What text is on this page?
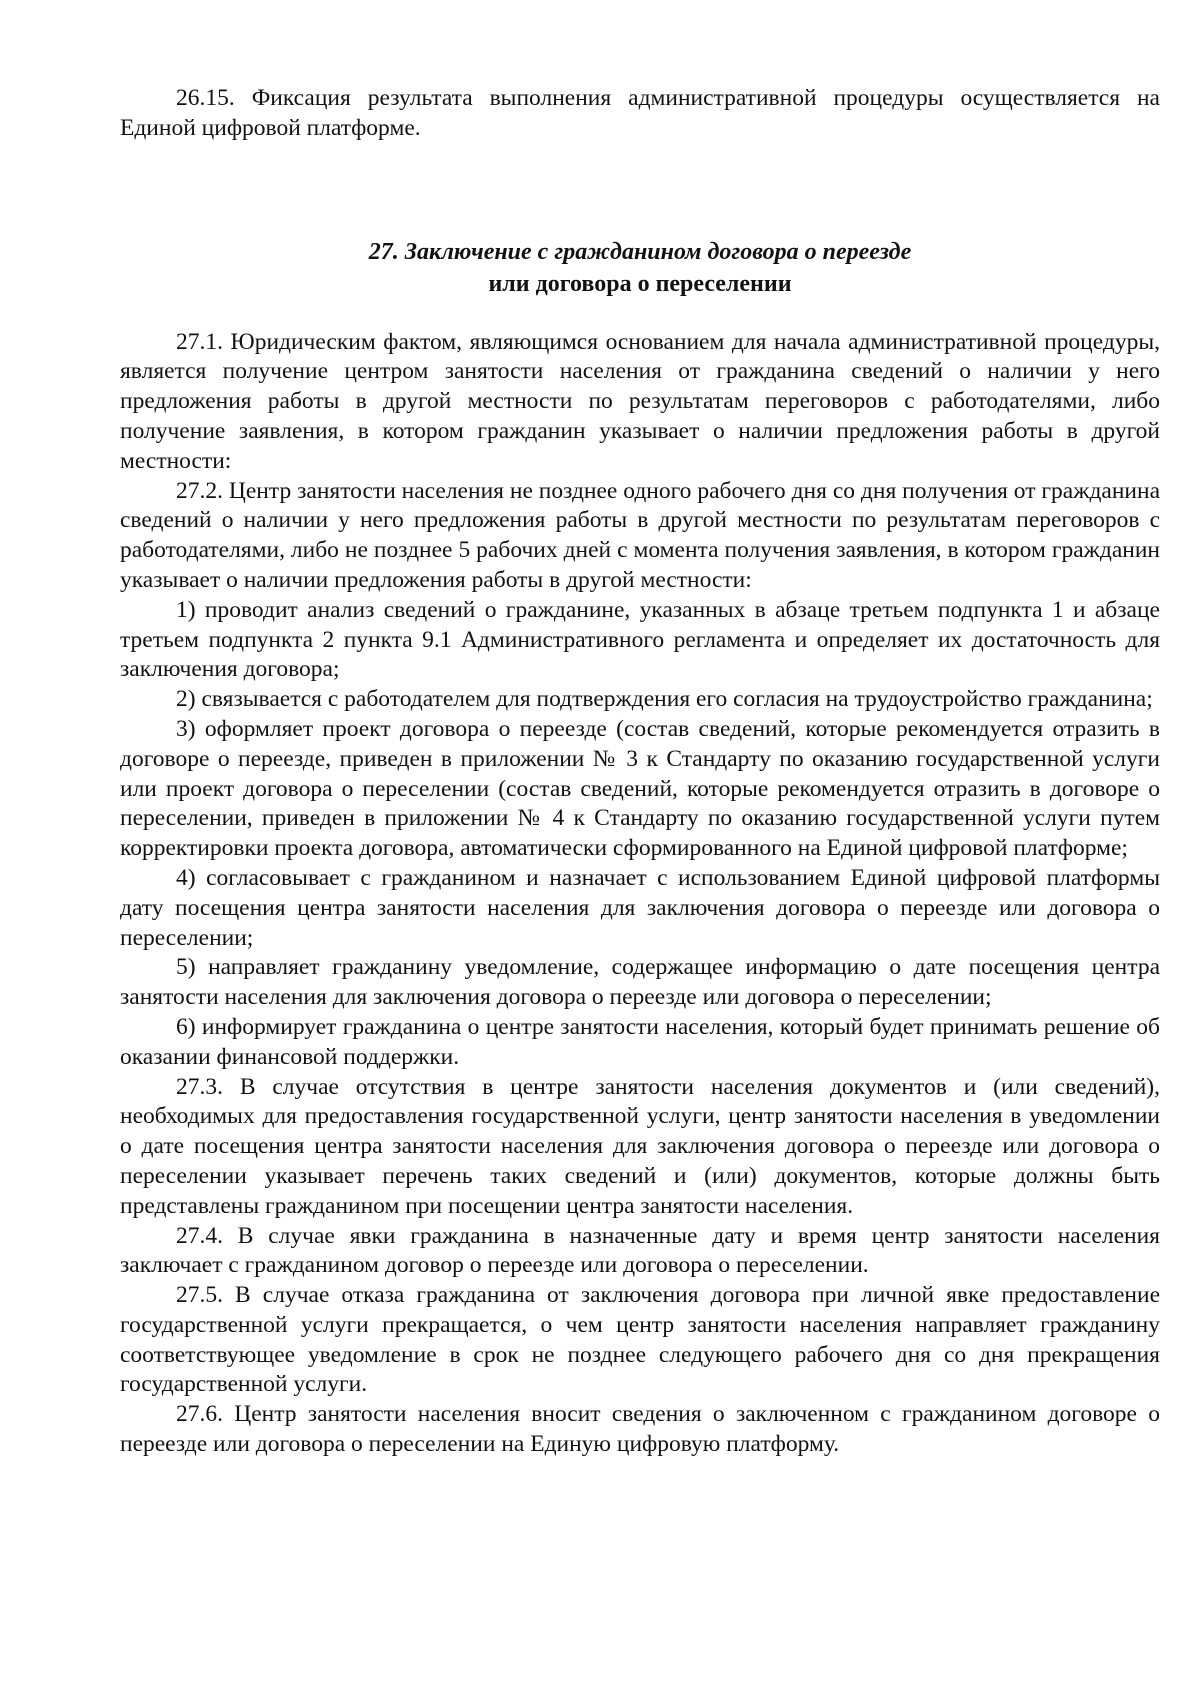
26.15. Фиксация результата выполнения административной процедуры осуществляется на Единой цифровой платформе.

27. Заключение с гражданином договора о переезде
или договора о переселении

27.1. Юридическим фактом, являющимся основанием для начала административной процедуры, является получение центром занятости населения от гражданина сведений о наличии у него предложения работы в другой местности по результатам переговоров с работодателями, либо получение заявления, в котором гражданин указывает о наличии предложения работы в другой местности:

27.2. Центр занятости населения не позднее одного рабочего дня со дня получения от гражданина сведений о наличии у него предложения работы в другой местности по результатам переговоров с работодателями, либо не позднее 5 рабочих дней с момента получения заявления, в котором гражданин указывает о наличии предложения работы в другой местности:

1) проводит анализ сведений о гражданине, указанных в абзаце третьем подпункта 1 и абзаце третьем подпункта 2 пункта 9.1 Административного регламента и определяет их достаточность для заключения договора;

2) связывается с работодателем для подтверждения его согласия на трудоустройство гражданина;

3) оформляет проект договора о переезде (состав сведений, которые рекомендуется отразить в договоре о переезде, приведен в приложении № 3 к Стандарту по оказанию государственной услуги или проект договора о переселении (состав сведений, которые рекомендуется отразить в договоре о переселении, приведен в приложении № 4 к Стандарту по оказанию государственной услуги путем корректировки проекта договора, автоматически сформированного на Единой цифровой платформе;

4) согласовывает с гражданином и назначает с использованием Единой цифровой платформы дату посещения центра занятости населения для заключения договора о переезде или договора о переселении;

5) направляет гражданину уведомление, содержащее информацию о дате посещения центра занятости населения для заключения договора о переезде или договора о переселении;

6) информирует гражданина о центре занятости населения, который будет принимать решение об оказании финансовой поддержки.

27.3. В случае отсутствия в центре занятости населения документов и (или сведений), необходимых для предоставления государственной услуги, центр занятости населения в уведомлении о дате посещения центра занятости населения для заключения договора о переезде или договора о переселении указывает перечень таких сведений и (или) документов, которые должны быть представлены гражданином при посещении центра занятости населения.

27.4. В случае явки гражданина в назначенные дату и время центр занятости населения заключает с гражданином договор о переезде или договора о переселении.

27.5. В случае отказа гражданина от заключения договора при личной явке предоставление государственной услуги прекращается, о чем центр занятости населения направляет гражданину соответствующее уведомление в срок не позднее следующего рабочего дня со дня прекращения государственной услуги.

27.6. Центр занятости населения вносит сведения о заключенном с гражданином договоре о переезде или договора о переселении на Единую цифровую платформу.
